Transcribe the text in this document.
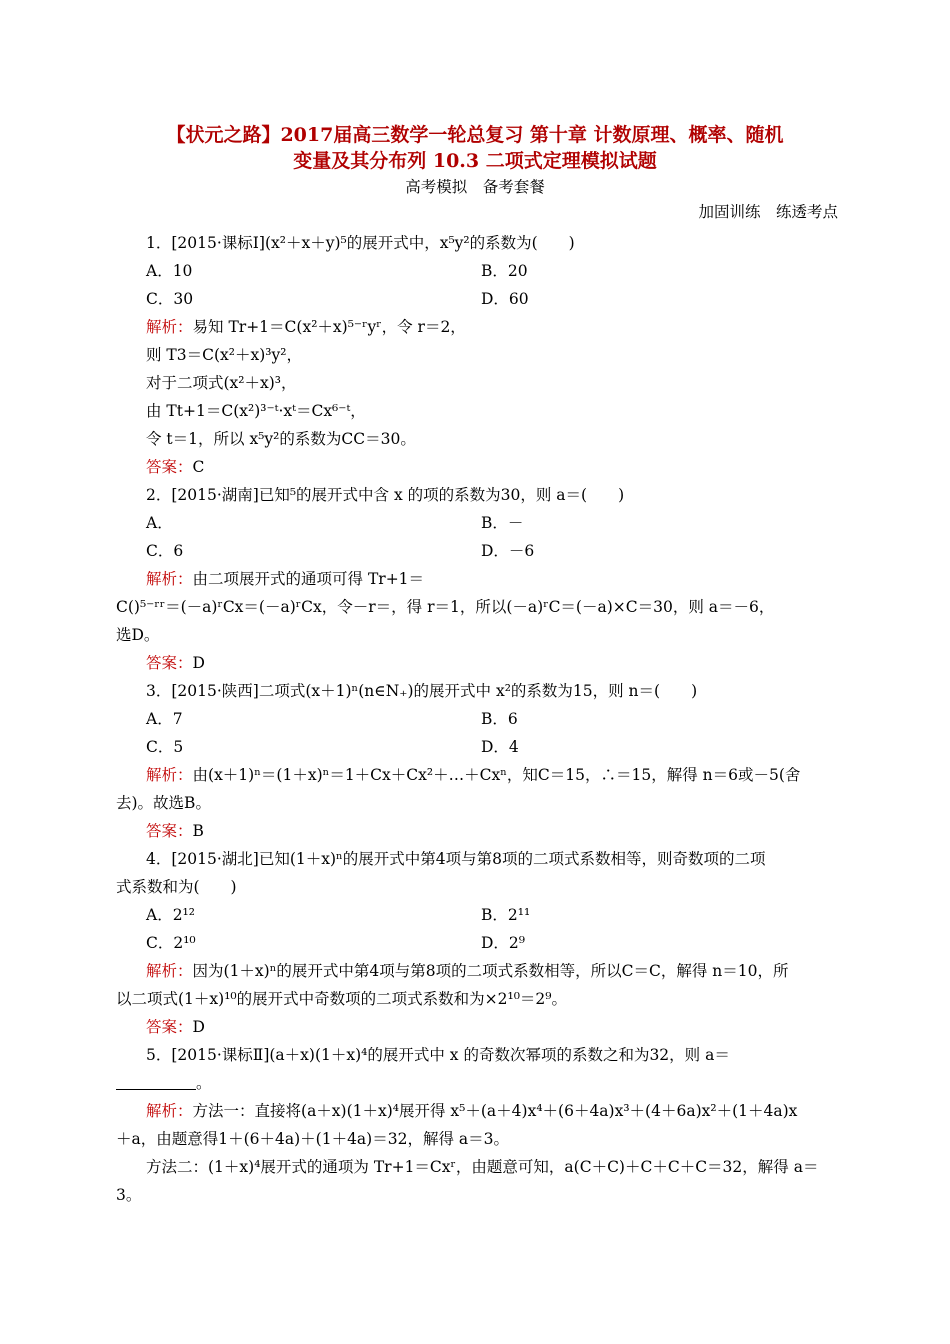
【状元之路】2017届高三数学一轮总复习 第十章 计数原理、概率、随机
变量及其分布列 10.3 二项式定理模拟试题
高考模拟　备考套餐
加固训练　练透考点
1．[2015·课标Ⅰ](x²＋x＋y)⁵的展开式中，x⁵y²的系数为(　　)
A．10	B．20
C．30	D．60
解析：易知 Tr+1＝C(x²＋x)⁵⁻ʳyʳ，令 r＝2，
则 T3＝C(x²＋x)³y²，
对于二项式(x²＋x)³，
由 Tt+1＝C(x²)³⁻ᵗ·xᵗ＝Cx⁶⁻ᵗ，
令 t＝1，所以 x⁵y²的系数为CC＝30。
答案：C
2．[2015·湖南]已知⁵的展开式中含 x 的项的系数为30，则 a＝(　　)
A．	B．－
C．6	D．－6
解析：由二项展开式的通项可得 Tr+1＝
C()⁵⁻ʳʳ＝(－a)ʳCx＝(－a)ʳCx，令－r＝，得 r＝1，所以(－a)ʳC＝(－a)×C＝30，则 a＝－6，
选D。
答案：D
3．[2015·陕西]二项式(x＋1)ⁿ(n∈N₊)的展开式中 x²的系数为15，则 n＝(　　)
A．7	B．6
C．5	D．4
解析：由(x＋1)ⁿ＝(1＋x)ⁿ＝1＋Cx＋Cx²＋…＋Cxⁿ，知C＝15，∴＝15，解得 n＝6或－5(舍
去)。故选B。
答案：B
4．[2015·湖北]已知(1＋x)ⁿ的展开式中第4项与第8项的二项式系数相等，则奇数项的二项
式系数和为(　　)
A．2¹²	B．2¹¹
C．2¹⁰	D．2⁹
解析：因为(1＋x)ⁿ的展开式中第4项与第8项的二项式系数相等，所以C＝C，解得 n＝10，所
以二项式(1＋x)¹⁰的展开式中奇数项的二项式系数和为×2¹⁰＝2⁹。
答案：D
5．[2015·课标Ⅱ](a＋x)(1＋x)⁴的展开式中 x 的奇数次幂项的系数之和为32，则 a＝
。
解析：方法一：直接将(a＋x)(1＋x)⁴展开得 x⁵＋(a＋4)x⁴＋(6＋4a)x³＋(4＋6a)x²＋(1＋4a)x
＋a，由题意得1＋(6＋4a)＋(1＋4a)＝32，解得 a＝3。
方法二：(1＋x)⁴展开式的通项为 Tr+1＝Cxʳ，由题意可知，a(C＋C)＋C＋C＋C＝32，解得 a＝
3。
